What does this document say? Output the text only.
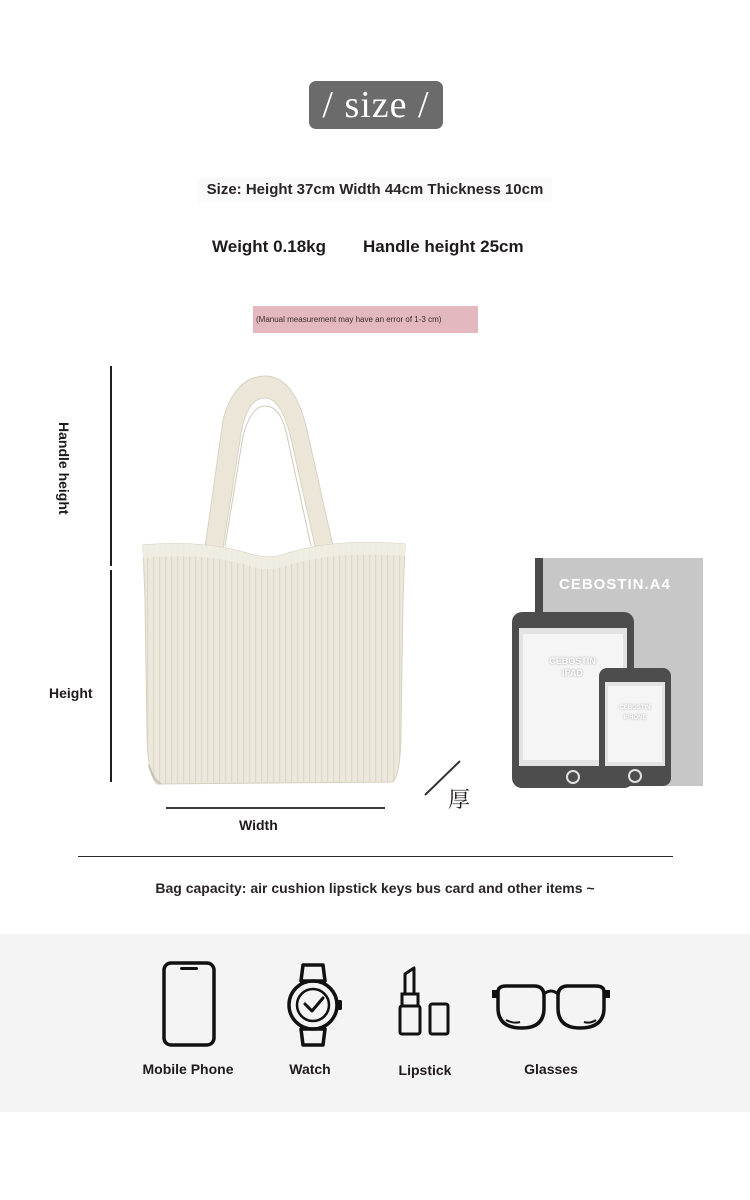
/ size /
Size: Height 37cm Width 44cm Thickness 10cm
Weight 0.18kg Handle height 25cm
(Manual measurement may have an error of 1-3 cm)
Handle height
Height
Width
厚
CEBOSTIN.A4
CEBOSTIN
IPAD
CEBOSTIN
IPHONE
Bag capacity: air cushion lipstick keys bus card and other items ~
Mobile Phone	Watch	Lipstick	Glasses
